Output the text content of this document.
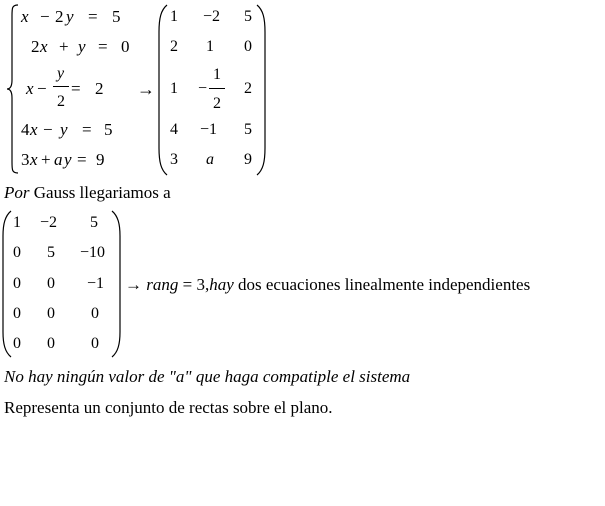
x − 2 y = 5
2 x + y = 0
x −
y
2
= 2
4 x − y = 5
3 x + a y = 9
→
1 −2 5
2 1 0
1 −
1
2
2
4 −1 5
3 a 9
Por Gauss llegariamos a
1 −2 5
0 5 −10
0 0 −1
0 0 0
0 0 0
→ rang = 3,hay dos ecuaciones linealmente independientes
No hay ningún valor de "a" que haga compatiple el sistema
Representa un conjunto de rectas sobre el plano.
